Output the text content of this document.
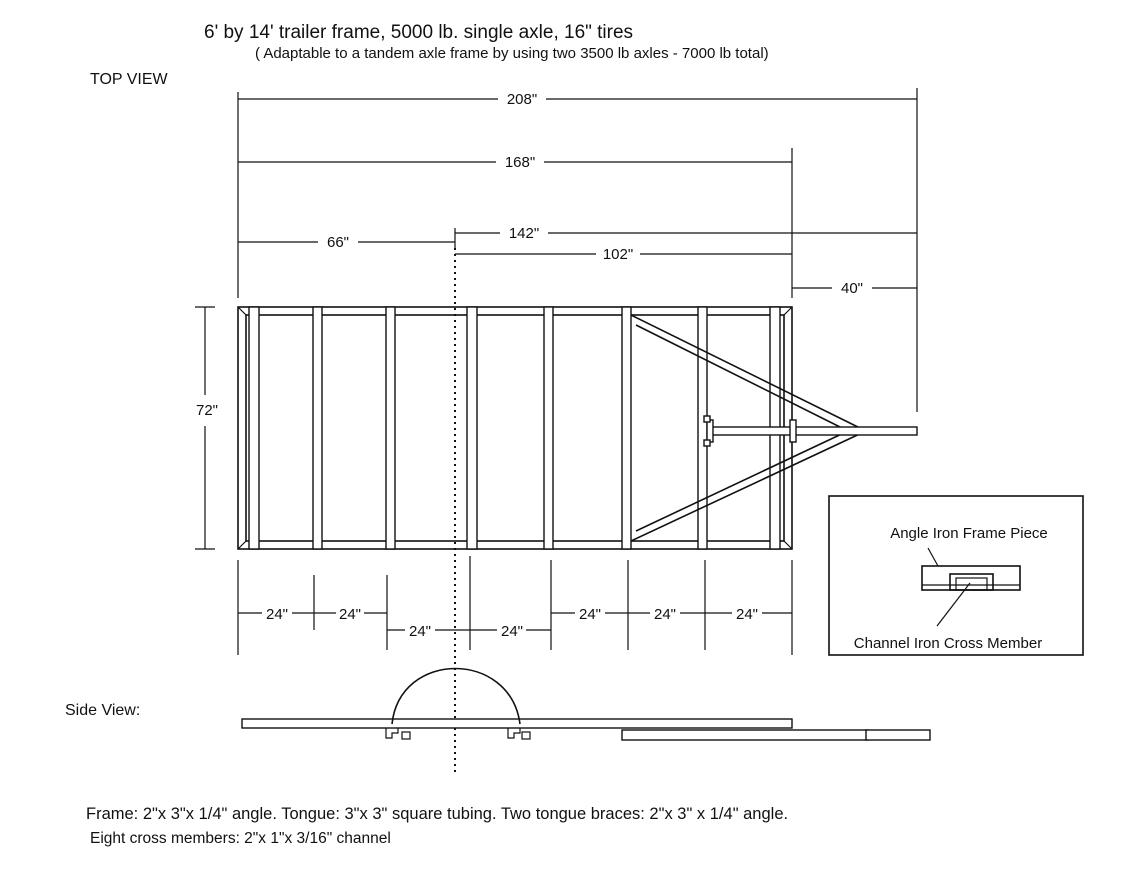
6' by 14' trailer frame, 5000 lb. single axle, 16" tires
( Adaptable to a tandem axle frame by using two 3500 lb axles - 7000 lb total)
TOP VIEW
Side View:
Frame: 2"x 3"x 1/4" angle. Tongue: 3"x 3" square tubing. Two tongue braces: 2"x 3" x 1/4" angle.
Eight cross members: 2"x 1"x 3/16" channel
208"
168"
142"
66"
102"
40"
72"
24"	24"
24"	24"
24"	24"	24"
Angle Iron Frame Piece
Channel Iron Cross Member
